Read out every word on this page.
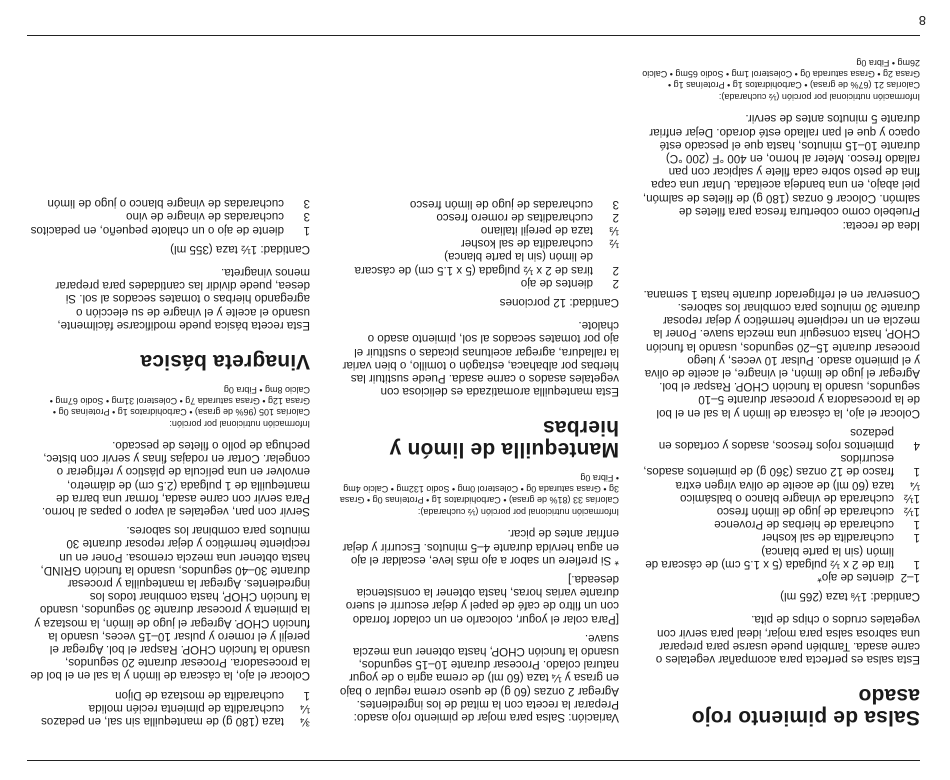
8
Salsa de pimiento rojo asado
Esta salsa es perfecta para acompañar vegetales o carne asada. También puede usarse para preparar una sabrosa salsa para mojar, ideal para servir con vegetales crudos o chips de pita.
Cantidad: 1⅛ taza (265 ml)
1–2
dientes de ajo*
1
tira de 2 x ½ pulgada (5 x 1.5 cm) de cáscara de limón (sin la parte blanca)
1
cucharadita de sal kosher
1
cucharada de hierbas de Provence
1½
cucharada de jugo de limón fresco
1½
cucharada de vinagre blanco o balsámico
¼
taza (60 ml) de aceite de oliva virgen extra
1
frasco de 12 onzas (360 g) de pimientos asados, escurridos
4
pimientos rojos frescos, asados y cortados en pedazos
Colocar el ajo, la cáscara de limón y la sal en el bol de la procesadora y procesar durante 5–10 segundos, usando la función CHOP. Raspar el bol. Agregar el jugo de limón, el vinagre, el aceite de oliva y el pimiento asado. Pulsar 10 veces, y luego procesar durante 15–20 segundos, usando la función CHOP, hasta conseguir una mezcla suave. Poner la mezcla en un recipiente hermético y dejar reposar durante 30 minutos para combinar los sabores. Conservar en el refrigerador durante hasta 1 semana.
Variación: Salsa para mojar de pimiento rojo asado: Preparar la receta con la mitad de los ingredientes. Agregar 2 onzas (60 g) de queso crema regular o bajo en grasa y ¼ taza (60 ml) de crema agria o de yogur natural colado. Procesar durante 10–15 segundos, usando la función CHOP, hasta obtener una mezcla suave.
[Para colar el yogur, colocarlo en un colador forrado con un filtro de café de papel y dejar escurrir el suero durante varias horas, hasta obtener la consistencia deseada.]
* Si prefiere un sabor a ajo más leve, escaldar el ajo en agua hervida durante 4–5 minutos. Escurrir y dejar enfriar antes de picar.
Información nutricional por porción (½ cucharada):
Calorías 33 (81% de grasa) • Carbohidratos 1g • Proteínas 0g • Grasa 3g • Grasa saturada 0g • Colesterol 0mg • Sodio 132mg • Calcio 4mg • Fibra 0g
Mantequilla de limón y hierbas
Esta mantequilla aromatizada es deliciosa con vegetales asados o carne asada. Puede sustituir las hierbas por albahaca, estragón o tomillo, o bien variar la ralladura, agregar aceitunas picadas o sustituir el ajo por tomates secados al sol, pimiento asado o chalote.
Cantidad: 12 porciones
2
dientes de ajo
2
tiras de 2 x ½ pulgada (5 x 1.5 cm) de cáscara de limón (sin la parte blanca)
½
cucharadita de sal kosher
⅓
taza de perejil italiano
2
cucharaditas de romero fresco
3
cucharadas de jugo de limón fresco
¾
taza (180 g) de mantequilla sin sal, en pedazos
¼
cucharadita de pimienta recién molida
1
cucharadita de mostaza de Dijon
Colocar el ajo, la cáscara de limón y la sal en el bol de la procesadora. Procesar durante 20 segundos, usando la función CHOP. Raspar el bol. Agregar el perejil y el romero y pulsar 10–15 veces, usando la función CHOP. Agregar el jugo de limón, la mostaza y la pimienta y procesar durante 30 segundos, usando la función CHOP, hasta combinar todos los ingredientes. Agregar la mantequilla y procesar durante 30–40 segundos, usando la función GRIND, hasta obtener una mezcla cremosa. Poner en un recipiente hermético y dejar reposar durante 30 minutos para combinar los sabores.
Servir con pan, vegetales al vapor o papas al horno. Para servir con carne asada, formar una barra de mantequilla de 1 pulgada (2.5 cm) de diámetro, envolver en una película de plástico y refrigerar o congelar. Cortar en rodajas finas y servir con bistec, pechuga de pollo o filetes de pescado.
Información nutricional por porción:
Calorías 105 (96% de grasa) • Carbohidratos 1g • Proteínas 0g • Grasa 12g • Grasa saturada 7g • Colesterol 31mg • Sodio 67mg • Calcio 8mg • Fibra 0g
Vinagreta básica
Esta receta básica puede modificarse fácilmente, usando el aceite y el vinagre de su elección o agregando hierbas o tomates secados al sol. Si desea, puede dividir las cantidades para preparar menos vinagreta.
Cantidad: 1½ taza (355 ml)
1
diente de ajo o un chalote pequeño, en pedacitos
3
cucharadas de vinagre de vino
3
cucharadas de vinagre blanco o jugo de limón
Idea de receta:
Pruebelo como cobertura fresca para filetes de salmón. Colocar 6 onzas (180 g) de filetes de salmón, piel abajo, en una bandeja aceitada. Untar una capa fina de pesto sobre cada filete y salpicar con pan rallado fresco. Meter al horno, en 400 °F (200 °C) durante 10–15 minutos, hasta que el pescado esté opaco y que el pan rallado esté dorado. Dejar enfriar durante 5 minutos antes de servir.
Información nutricional por porción (½ cucharada):
Calorías 21 (67% de grasa) • Carbohidratos 1g • Proteínas 1g • Grasa 2g • Grasa saturada 0g • Colesterol 1mg • Sodio 65mg • Calcio 26mg • Fibra 0g
